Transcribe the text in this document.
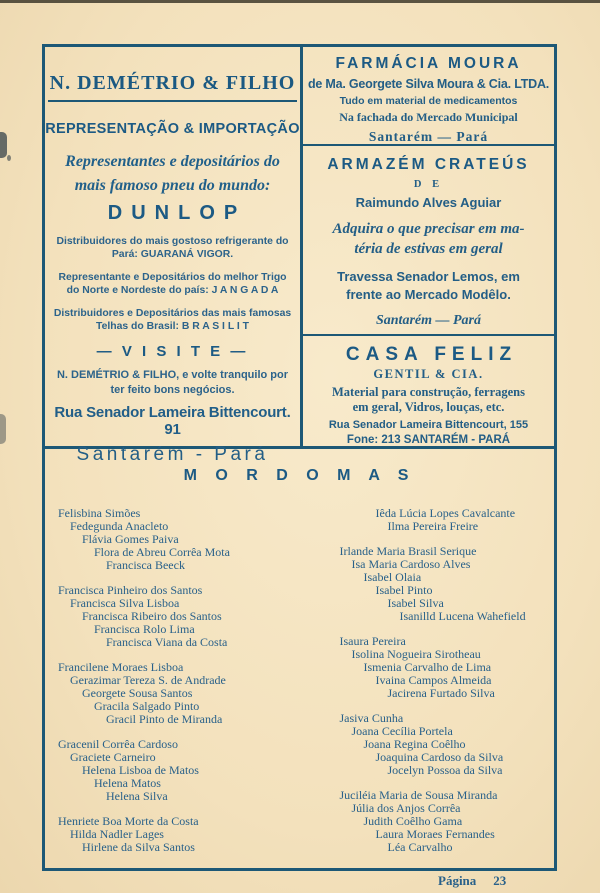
N. DEMÉTRIO & FILHO
REPRESENTAÇÃO & IMPORTAÇÃO
Representantes e depositários do
mais famoso pneu do mundo:
DUNLOP
Distribuidores do mais gostoso refrigerante do
Pará: GUARANÁ VIGOR.
Representante e Depositários do melhor Trigo
do Norte e Nordeste do país: J A N G A D A
Distribuidores e Depositários das mais famosas
Telhas do Brasil: B R A S I L I T
— V I S I T E —
N. DEMÉTRIO & FILHO, e volte tranquilo por
ter feito bons negócios.
Rua Senador Lameira Bittencourt. 91
Santarém - Pará
FARMÁCIA MOURA
de Ma. Georgete Silva Moura & Cia. LTDA.
Tudo em material de medicamentos
Na fachada do Mercado Municipal
Santarém — Pará
ARMAZÉM CRATEÚS
D E
Raimundo Alves Aguiar
Adquira o que precisar em ma-
téria de estivas em geral
Travessa Senador Lemos, em
frente ao Mercado Modêlo.
Santarém — Pará
CASA FELIZ
GENTIL & CIA.
Material para construção, ferragens
em geral, Vidros, louças, etc.
Rua Senador Lameira Bittencourt, 155
Fone: 213 SANTARÉM - PARÁ
M O R D O M A S
Felisbina Simões
Fedegunda Anacleto
Flávia Gomes Paiva
Flora de Abreu Corrêa Mota
Francisca Beeck
Francisca Pinheiro dos Santos
Francisca Silva Lisboa
Francisca Ribeiro dos Santos
Francisca Rolo Lima
Francisca Viana da Costa
Francilene Moraes Lisboa
Gerazimar Tereza S. de Andrade
Georgete Sousa Santos
Gracila Salgado Pinto
Gracil Pinto de Miranda
Gracenil Corrêa Cardoso
Graciete Carneiro
Helena Lisboa de Matos
Helena Matos
Helena Silva
Henriete Boa Morte da Costa
Hilda Nadler Lages
Hirlene da Silva Santos
Iêda Lúcia Lopes Cavalcante
Ilma Pereira Freire
Irlande Maria Brasil Serique
Isa Maria Cardoso Alves
Isabel Olaia
Isabel Pinto
Isabel Silva
Isanilld Lucena Wahefield
Isaura Pereira
Isolina Nogueira Sirotheau
Ismenia Carvalho de Lima
Ivaina Campos Almeida
Jacirena Furtado Silva
Jasiva Cunha
Joana Cecília Portela
Joana Regina Coêlho
Joaquina Cardoso da Silva
Jocelyn Possoa da Silva
Juciléia Maria de Sousa Miranda
Júlia dos Anjos Corrêa
Judith Coêlho Gama
Laura Moraes Fernandes
Léa Carvalho
Página 23
